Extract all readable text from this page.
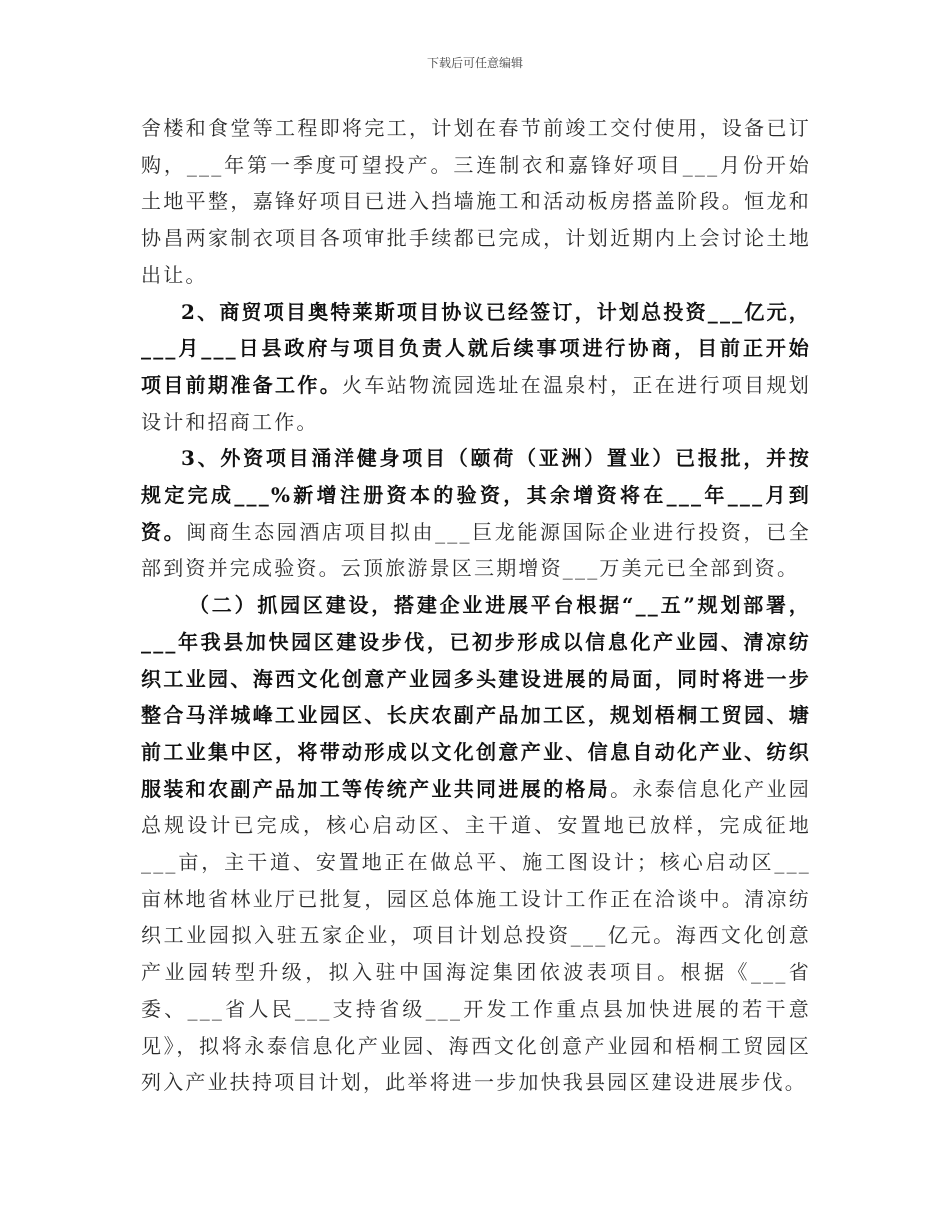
下载后可任意编辑

舍楼和食堂等工程即将完工，计划在春节前竣工交付使用，设备已订购，___年第一季度可望投产。三连制衣和嘉锋好项目___月份开始土地平整，嘉锋好项目已进入挡墙施工和活动板房搭盖阶段。恒龙和协昌两家制衣项目各项审批手续都已完成，计划近期内上会讨论土地出让。

2、商贸项目奥特莱斯项目协议已经签订，计划总投资___亿元，___月___日县政府与项目负责人就后续事项进行协商，目前正开始项目前期准备工作。火车站物流园选址在温泉村，正在进行项目规划设计和招商工作。

3、外资项目涌洋健身项目（颐荷（亚洲）置业）已报批，并按规定完成___%新增注册资本的验资，其余增资将在___年___月到资。闽商生态园酒店项目拟由___巨龙能源国际企业进行投资，已全部到资并完成验资。云顶旅游景区三期增资___万美元已全部到资。

（二）抓园区建设，搭建企业进展平台根据“__五”规划部署，___年我县加快园区建设步伐，已初步形成以信息化产业园、清凉纺织工业园、海西文化创意产业园多头建设进展的局面，同时将进一步整合马洋城峰工业园区、长庆农副产品加工区，规划梧桐工贸园、塘前工业集中区，将带动形成以文化创意产业、信息自动化产业、纺织服装和农副产品加工等传统产业共同进展的格局。永泰信息化产业园总规设计已完成，核心启动区、主干道、安置地已放样，完成征地___亩，主干道、安置地正在做总平、施工图设计；核心启动区___亩林地省林业厅已批复，园区总体施工设计工作正在洽谈中。清凉纺织工业园拟入驻五家企业，项目计划总投资___亿元。海西文化创意产业园转型升级，拟入驻中国海淀集团依波表项目。根据《___省委、___省人民___支持省级___开发工作重点县加快进展的若干意见》，拟将永泰信息化产业园、海西文化创意产业园和梧桐工贸园区列入产业扶持项目计划，此举将进一步加快我县园区建设进展步伐。
